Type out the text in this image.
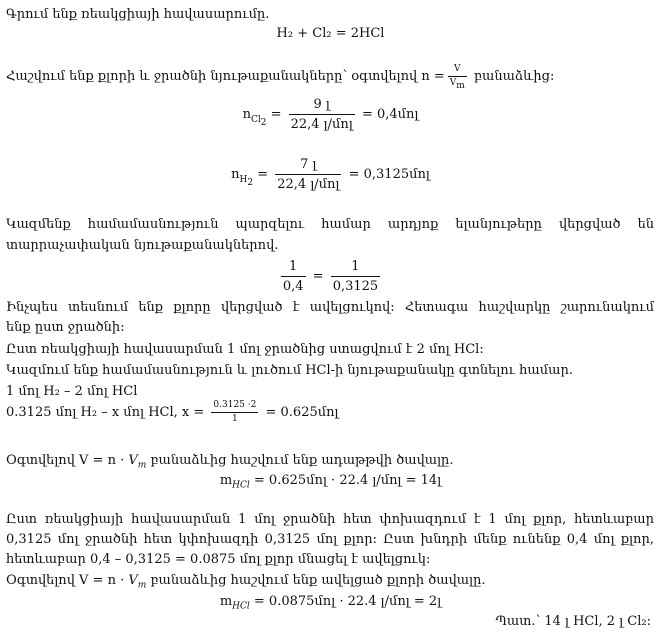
Գրում ենք ռեակցիայի հավասարումը.
H₂ + Cl₂ = 2HCl
Հաշվում ենք քլորի և ջրածնի նյութաքանակները՝ օգտվելով $n = \frac{V}{V_m}$ բանաձևից:
$n_{Cl_2} = \frac{\text{9 լ}}{\text{22,4 լ/մոլ}}$ = 0,4մոլ
$n_{H_2} = \frac{\text{7 լ}}{\text{22,4 լ/մոլ}}$ = 0,3125մոլ
Կազմենք համամասնություն պարզելու համար արդյոք ելանյութերը վերցված են
տարրաչափական նյութաքանակներով.
$\frac{1}{0,4} = \frac{1}{0,3125}$
Ինչպես տեսնում ենք քլորը վերցված է ավելցուկով: Հետագա հաշվարկը շարունակում
ենք ըստ ջրածնի:
Ըստ ռեակցիայի հավասարման 1 մոլ ջրածնից ստացվում է 2 մոլ HCl:
Կազմում ենք համամասնություն և լուծում HCl-ի նյութաքանակը գտնելու համար.
1 մոլ H₂ – 2 մոլ HCl
0.3125 մոլ H₂ – x մոլ HCl, $x = \frac{0.3125 \cdot 2}{1}$ = 0.625մոլ
Օգտվելով $V = n \cdot V_m$ բանաձևից հաշվում ենք ադաթթվի ծավալը.
$m_{HCl}$ = 0.625մոլ · 22.4 լ/մոլ = 14լ
Ըստ ռեակցիայի հավասարման 1 մոլ ջրածնի հետ փոխազդում է 1 մոլ քլոր, հետևաբար
0,3125 մոլ ջրածնի հետ կփոխազդի 0,3125 մոլ քլոր: Ըստ խնդրի մենք ունենք 0,4 մոլ քլոր,
հետևաբար 0,4 – 0,3125 = 0.0875 մոլ քլոր մնացել է ավելցուկ:
Օգտվելով $V = n \cdot V_m$ բանաձևից հաշվում ենք ավելցած քլորի ծավալը.
$m_{HCl}$ = 0.0875մոլ · 22.4 լ/մոլ = 2լ
Պատ.՝ 14 լ HCl, 2 լ Cl₂:
